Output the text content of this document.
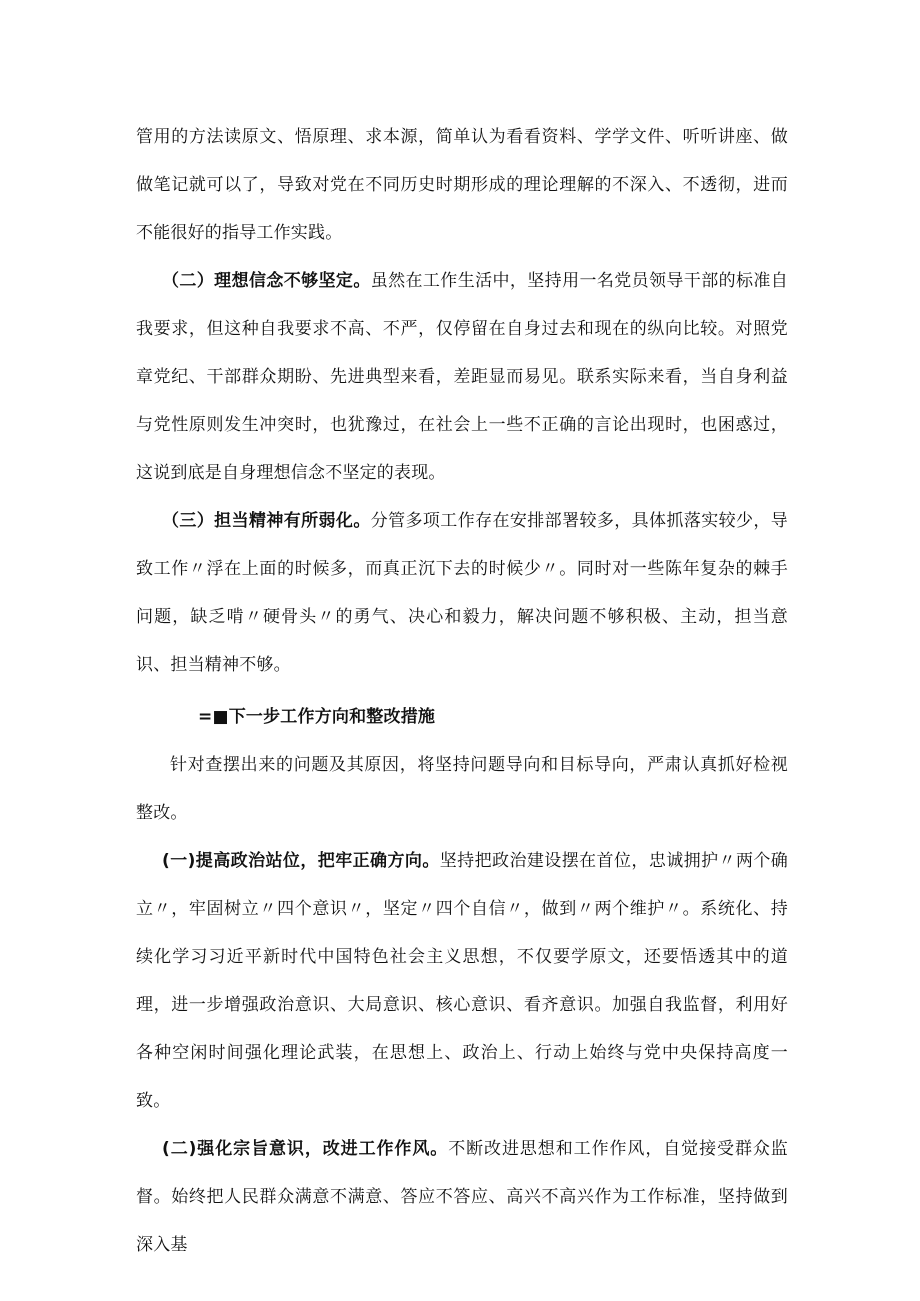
管用的方法读原文、悟原理、求本源，简单认为看看资料、学学文件、听听讲座、做做笔记就可以了，导致对党在不同历史时期形成的理论理解的不深入、不透彻，进而不能很好的指导工作实践。

（二）理想信念不够坚定。虽然在工作生活中，坚持用一名党员领导干部的标准自我要求，但这种自我要求不高、不严，仅停留在自身过去和现在的纵向比较。对照党章党纪、干部群众期盼、先进典型来看，差距显而易见。联系实际来看，当自身利益与党性原则发生冲突时，也犹豫过，在社会上一些不正确的言论出现时，也困惑过，这说到底是自身理想信念不坚定的表现。

（三）担当精神有所弱化。分管多项工作存在安排部署较多，具体抓落实较少，导致工作〃浮在上面的时候多，而真正沉下去的时候少〃。同时对一些陈年复杂的棘手问题，缺乏啃〃硬骨头〃的勇气、决心和毅力，解决问题不够积极、主动，担当意识、担当精神不够。

=■下一步工作方向和整改措施

针对查摆出来的问题及其原因，将坚持问题导向和目标导向，严肃认真抓好检视整改。

(一)提高政治站位，把牢正确方向。坚持把政治建设摆在首位，忠诚拥护〃两个确立〃，牢固树立〃四个意识〃，坚定〃四个自信〃，做到〃两个维护〃。系统化、持续化学习习近平新时代中国特色社会主义思想，不仅要学原文，还要悟透其中的道理，进一步增强政治意识、大局意识、核心意识、看齐意识。加强自我监督，利用好各种空闲时间强化理论武装，在思想上、政治上、行动上始终与党中央保持高度一致。

(二)强化宗旨意识，改进工作作风。不断改进思想和工作作风，自觉接受群众监督。始终把人民群众满意不满意、答应不答应、高兴不高兴作为工作标准，坚持做到深入基
